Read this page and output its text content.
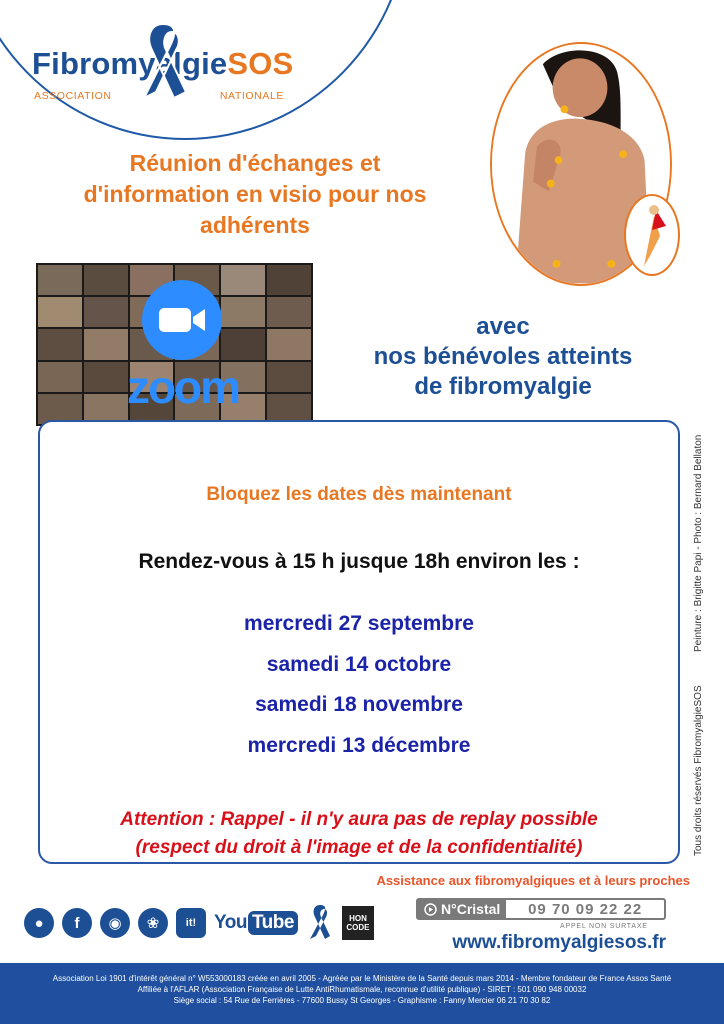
FibromyalgieSOS
ASSOCIATION	NATIONALE
Réunion d'échanges et
d'information en visio pour nos
adhérents
zoom
avec
nos bénévoles atteints
de fibromyalgie
Bloquez les dates dès maintenant
Rendez-vous à 15 h jusque 18h environ les :
mercredi 27 septembre
samedi 14 octobre
samedi 18 novembre
mercredi 13 décembre
Attention : Rappel - il n'y aura pas de replay possible
(respect du droit à l'image et de la confidentialité)
Peinture : Brigitte Papi - Photo : Bernard Bellaton
Tous droits réservés FibromyalgieSOS
Assistance aux fibromyalgiques et à leurs proches
●	f	◉	❀	it! You Tube	HON
CODE
N°Cristal	09 70 09 22 22
APPEL NON SURTAXE
www.fibromyalgiesos.fr
Association Loi 1901 d'intérêt général n° W553000183 créée en avril 2005 - Agréée par le Ministère de la Santé depuis mars 2014 - Membre fondateur de France Assos Santé
Affiliée à l'AFLAR (Association Française de Lutte AntiRhumatismale, reconnue d'utilité publique) - SIRET : 501 090 948 00032
Siège social : 54 Rue de Ferrières - 77600 Bussy St Georges - Graphisme : Fanny Mercier 06 21 70 30 82
